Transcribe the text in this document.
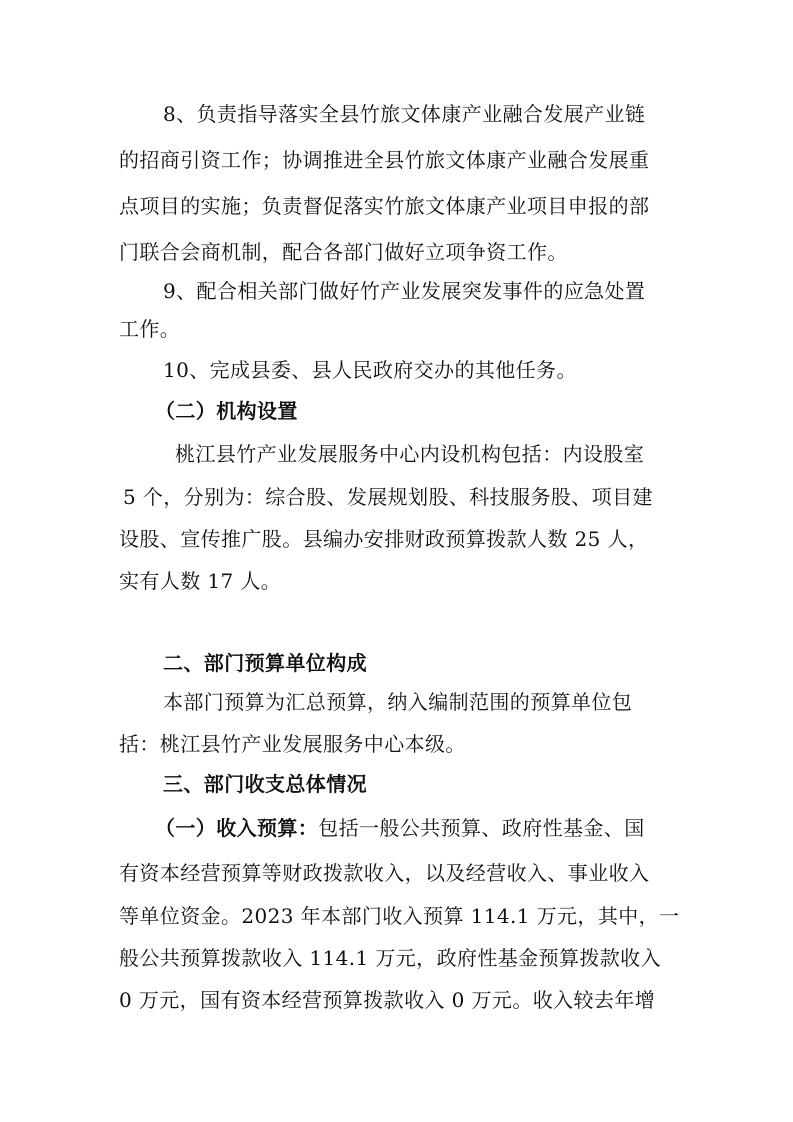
8、负责指导落实全县竹旅文体康产业融合发展产业链
的招商引资工作；协调推进全县竹旅文体康产业融合发展重
点项目的实施；负责督促落实竹旅文体康产业项目申报的部
门联合会商机制，配合各部门做好立项争资工作。
9、配合相关部门做好竹产业发展突发事件的应急处置
工作。
10、完成县委、县人民政府交办的其他任务。
（二）机构设置
桃江县竹产业发展服务中心内设机构包括：内设股室
5 个，分别为：综合股、发展规划股、科技服务股、项目建
设股、宣传推广股。县编办安排财政预算拨款人数 25 人，
实有人数 17 人。
二、部门预算单位构成
本部门预算为汇总预算，纳入编制范围的预算单位包
括：桃江县竹产业发展服务中心本级。
三、部门收支总体情况
（一）收入预算：包括一般公共预算、政府性基金、国
有资本经营预算等财政拨款收入，以及经营收入、事业收入
等单位资金。2023 年本部门收入预算 114.1 万元，其中，一
般公共预算拨款收入 114.1 万元，政府性基金预算拨款收入
0 万元，国有资本经营预算拨款收入 0 万元。收入较去年增
